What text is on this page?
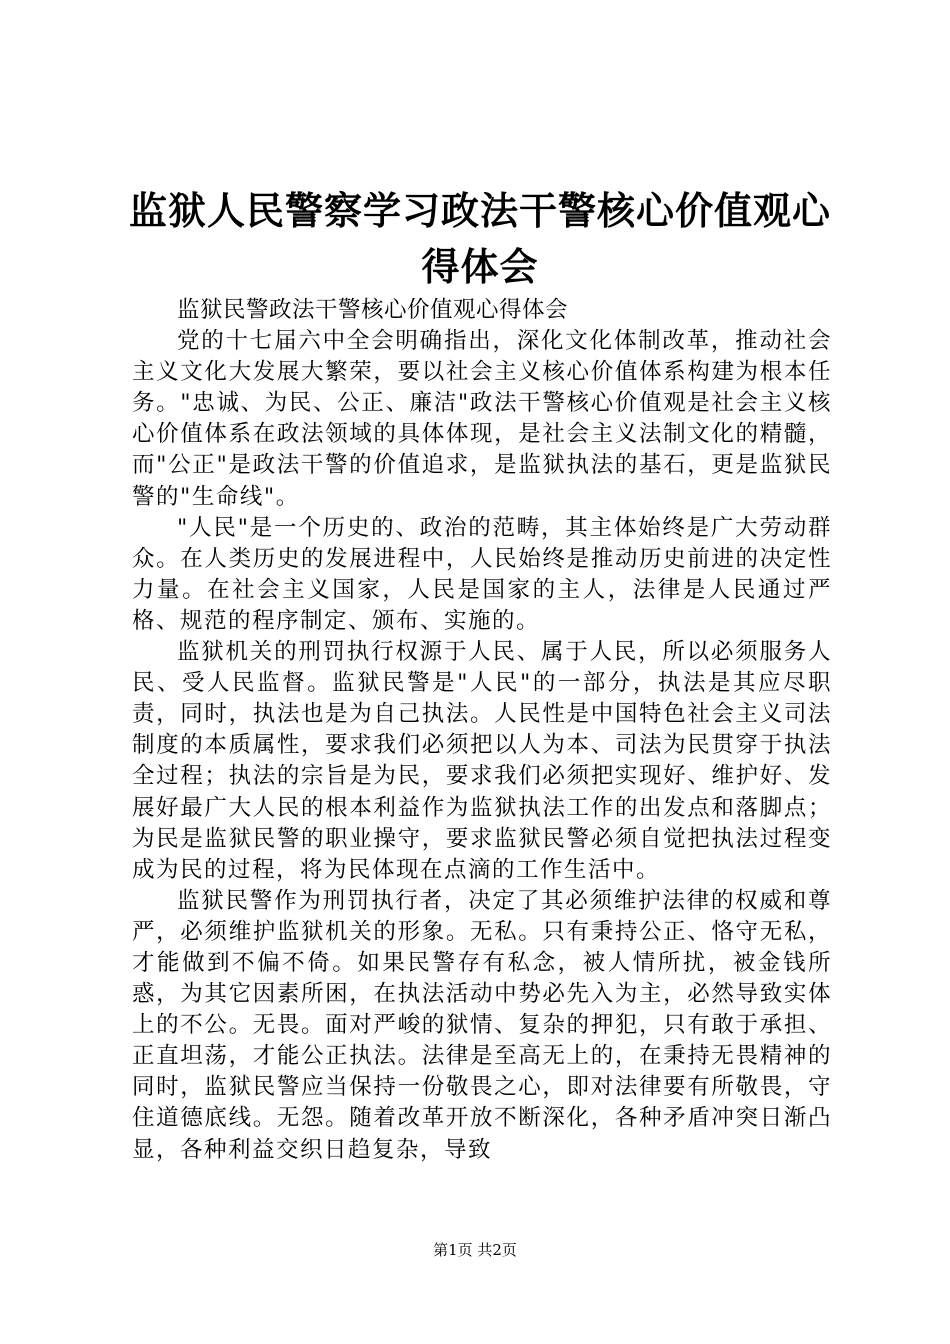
监狱人民警察学习政法干警核心价值观心得体会

监狱民警政法干警核心价值观心得体会

党的十七届六中全会明确指出，深化文化体制改革，推动社会主义文化大发展大繁荣，要以社会主义核心价值体系构建为根本任务。"忠诚、为民、公正、廉洁"政法干警核心价值观是社会主义核心价值体系在政法领域的具体体现，是社会主义法制文化的精髓，而"公正"是政法干警的价值追求，是监狱执法的基石，更是监狱民警的"生命线"。

"人民"是一个历史的、政治的范畴，其主体始终是广大劳动群众。在人类历史的发展进程中，人民始终是推动历史前进的决定性力量。在社会主义国家，人民是国家的主人，法律是人民通过严格、规范的程序制定、颁布、实施的。

监狱机关的刑罚执行权源于人民、属于人民，所以必须服务人民、受人民监督。监狱民警是"人民"的一部分，执法是其应尽职责，同时，执法也是为自己执法。人民性是中国特色社会主义司法制度的本质属性，要求我们必须把以人为本、司法为民贯穿于执法全过程；执法的宗旨是为民，要求我们必须把实现好、维护好、发展好最广大人民的根本利益作为监狱执法工作的出发点和落脚点；为民是监狱民警的职业操守，要求监狱民警必须自觉把执法过程变成为民的过程，将为民体现在点滴的工作生活中。

监狱民警作为刑罚执行者，决定了其必须维护法律的权威和尊严，必须维护监狱机关的形象。无私。只有秉持公正、恪守无私，才能做到不偏不倚。如果民警存有私念，被人情所扰，被金钱所惑，为其它因素所困，在执法活动中势必先入为主，必然导致实体上的不公。无畏。面对严峻的狱情、复杂的押犯，只有敢于承担、正直坦荡，才能公正执法。法律是至高无上的，在秉持无畏精神的同时，监狱民警应当保持一份敬畏之心，即对法律要有所敬畏，守住道德底线。无怨。随着改革开放不断深化，各种矛盾冲突日渐凸显，各种利益交织日趋复杂，导致

第1页 共2页
